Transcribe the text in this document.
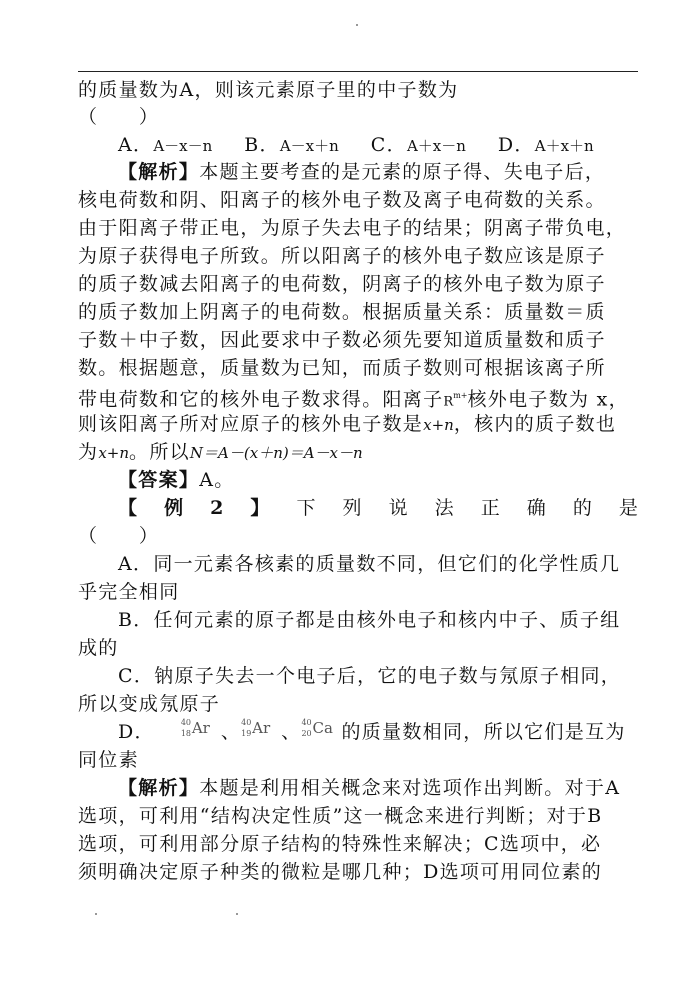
的质量数为A，则该元素原子里的中子数为
（　　）
A．A－x－n B．A－x＋n C．A＋x－n D．A＋x＋n
【解析】本题主要考查的是元素的原子得、失电子后，
核电荷数和阴、阳离子的核外电子数及离子电荷数的关系。
由于阳离子带正电，为原子失去电子的结果；阴离子带负电，
为原子获得电子所致。所以阳离子的核外电子数应该是原子
的质子数减去阳离子的电荷数，阴离子的核外电子数为原子
的质子数加上阴离子的电荷数。根据质量关系：质量数＝质
子数＋中子数，因此要求中子数必须先要知道质量数和质子
数。根据题意，质量数为已知，而质子数则可根据该离子所
带电荷数和它的核外电子数求得。阳离子$R^{m+}$核外电子数为 x，
则该阳离子所对应原子的核外电子数是x+n，核内的质子数也
为x+n。所以N＝A－(x＋n)＝A－x－n
【答案】A。
【 例 2 】 下 列 说 法 正 确 的 是
（　　）
A．同一元素各核素的质量数不同，但它们的化学性质几
乎完全相同
B．任何元素的原子都是由核外电子和核内中子、质子组
成的
C．钠原子失去一个电子后，它的电子数与氖原子相同，
所以变成氖原子
D．	40
18 Ar 、 40
19 Ar 、 40
20 Ca 的质量数相同，所以它们是互为
同位素
【解析】本题是利用相关概念来对选项作出判断。对于A
选项，可利用“结构决定性质”这一概念来进行判断；对于B
选项，可利用部分原子结构的特殊性来解决；C选项中，必
须明确决定原子种类的微粒是哪几种；D选项可用同位素的
